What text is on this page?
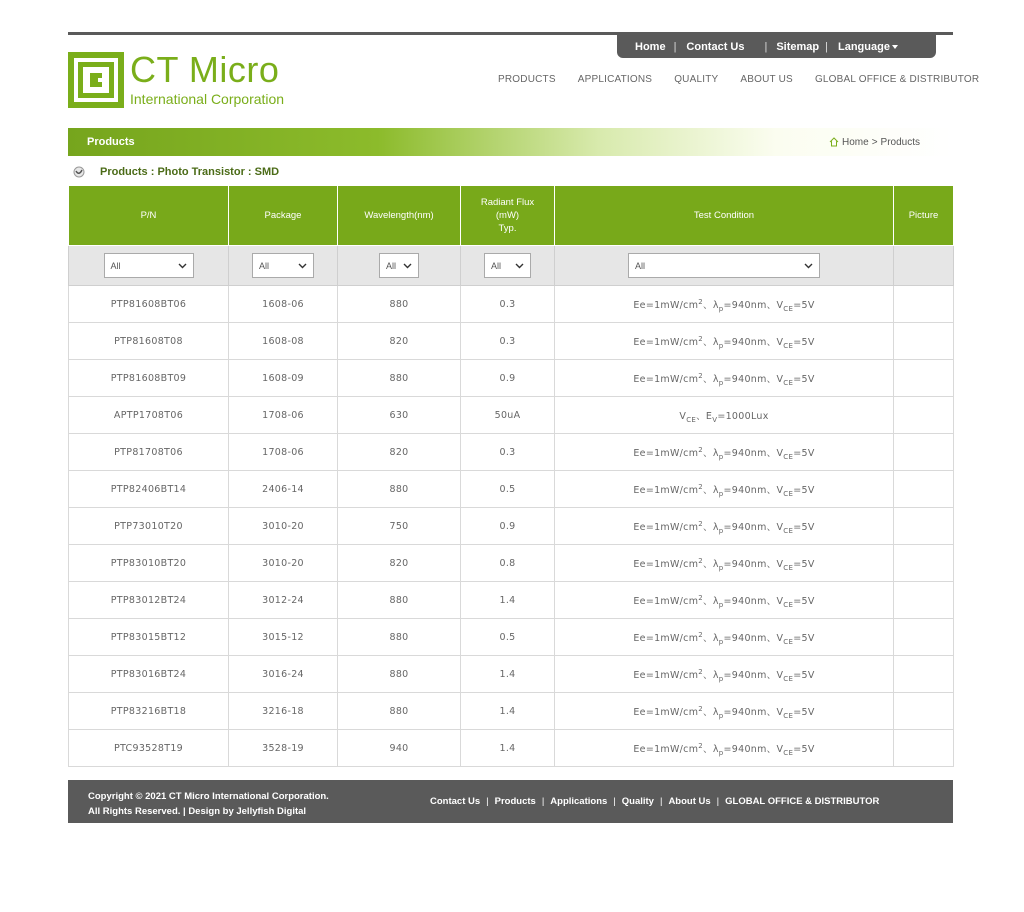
Home | Contact Us | Sitemap | Language
CT Micro
International Corporation
PRODUCTS APPLICATIONS QUALITY ABOUT US GLOBAL OFFICE & DISTRIBUTOR
Products	Home > Products
Products : Photo Transistor : SMD
P/N	Package	Wavelength(nm)	Radiant Flux
(mW)
Typ.	Test Condition	Picture

All	All	All	All	All	

PTP81608BT06	1608-06	880	0.3	$Ee=1mW/cm^2$、$\lambda_p=940nm$、$V_{CE}=5V$	
PTP81608T08	1608-08	820	0.3	$Ee=1mW/cm^2$、$\lambda_p=940nm$、$V_{CE}=5V$	
PTP81608BT09	1608-09	880	0.9	$Ee=1mW/cm^2$、$\lambda_p=940nm$、$V_{CE}=5V$	
APTP1708T06	1708-06	630	50uA	$V_{CE}$、$E_V=1000Lux$	
PTP81708T06	1708-06	820	0.3	$Ee=1mW/cm^2$、$\lambda_p=940nm$、$V_{CE}=5V$	
PTP82406BT14	2406-14	880	0.5	$Ee=1mW/cm^2$、$\lambda_p=940nm$、$V_{CE}=5V$	
PTP73010T20	3010-20	750	0.9	$Ee=1mW/cm^2$、$\lambda_p=940nm$、$V_{CE}=5V$	
PTP83010BT20	3010-20	820	0.8	$Ee=1mW/cm^2$、$\lambda_p=940nm$、$V_{CE}=5V$	
PTP83012BT24	3012-24	880	1.4	$Ee=1mW/cm^2$、$\lambda_p=940nm$、$V_{CE}=5V$	
PTP83015BT12	3015-12	880	0.5	$Ee=1mW/cm^2$、$\lambda_p=940nm$、$V_{CE}=5V$	
PTP83016BT24	3016-24	880	1.4	$Ee=1mW/cm^2$、$\lambda_p=940nm$、$V_{CE}=5V$	
PTP83216BT18	3216-18	880	1.4	$Ee=1mW/cm^2$、$\lambda_p=940nm$、$V_{CE}=5V$	
PTC93528T19	3528-19	940	1.4	$Ee=1mW/cm^2$、$\lambda_p=940nm$、$V_{CE}=5V$	
Copyright © 2021 CT Micro International Corporation.
All Rights Reserved. | Design by Jellyfish Digital
Contact Us | Products | Applications | Quality | About Us | GLOBAL OFFICE & DISTRIBUTOR
